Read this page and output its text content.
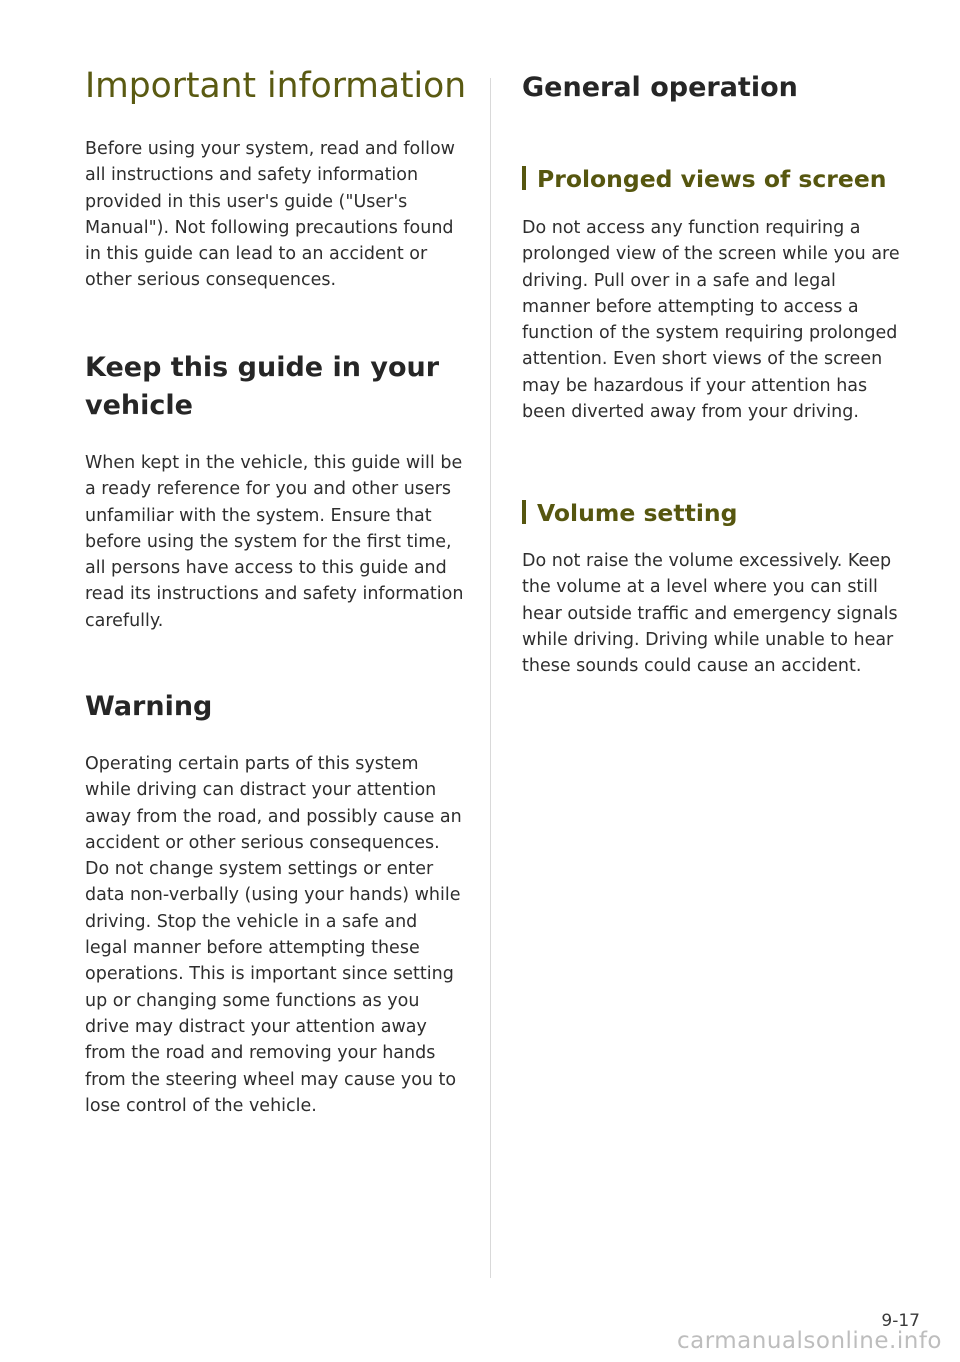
Important information

Before using your system, read and follow all instructions and safety information provided in this user's guide ("User's Manual"). Not following precautions found in this guide can lead to an accident or other serious consequences.

Keep this guide in your vehicle

When kept in the vehicle, this guide will be a ready reference for you and other users unfamiliar with the system. Ensure that before using the system for the first time, all persons have access to this guide and read its instructions and safety information carefully.

Warning

Operating certain parts of this system while driving can distract your attention away from the road, and possibly cause an accident or other serious consequences. Do not change system settings or enter data non-verbally (using your hands) while driving. Stop the vehicle in a safe and legal manner before attempting these operations. This is important since setting up or changing some functions as you drive may distract your attention away from the road and removing your hands from the steering wheel may cause you to lose control of the vehicle.

General operation
Prolonged views of screen

Do not access any function requiring a prolonged view of the screen while you are driving. Pull over in a safe and legal manner before attempting to access a function of the system requiring prolonged attention. Even short views of the screen may be hazardous if your attention has been diverted away from your driving.

Volume setting

Do not raise the volume excessively. Keep the volume at a level where you can still hear outside traffic and emergency signals while driving. Driving while unable to hear these sounds could cause an accident.

9-17
carmanualsonline.info
